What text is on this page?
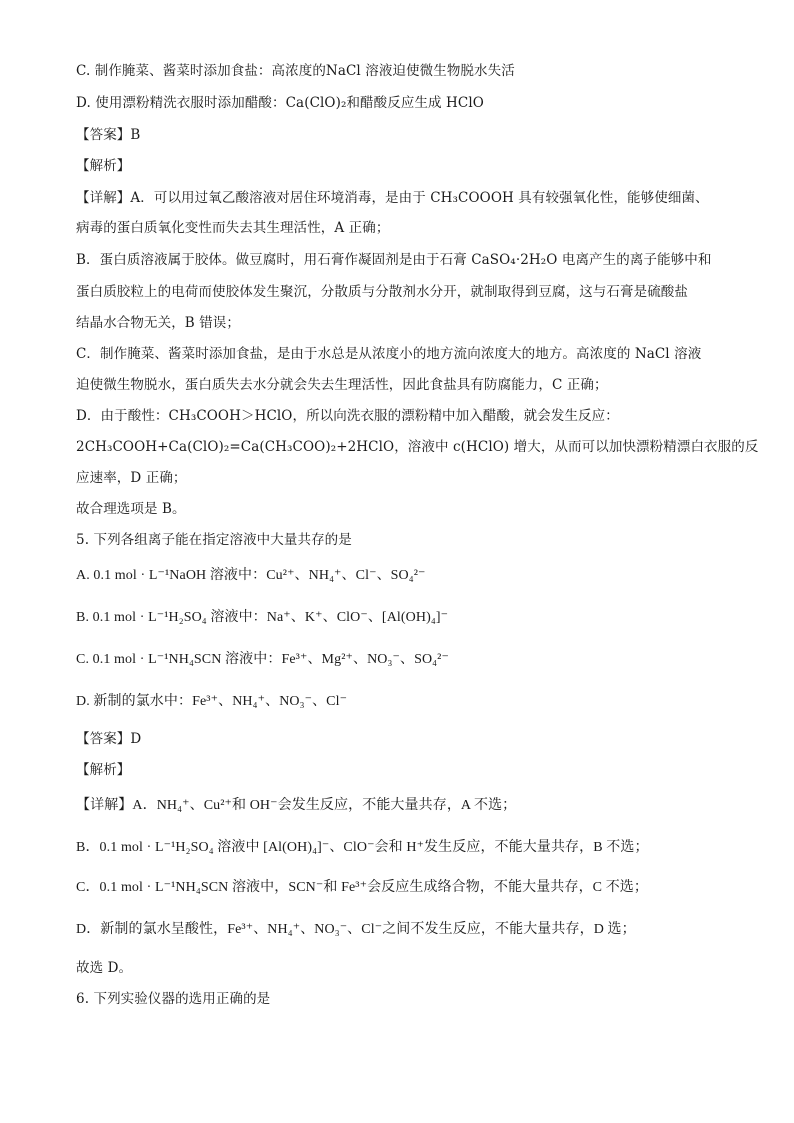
C. 制作腌菜、酱菜时添加食盐：高浓度的NaCl 溶液迫使微生物脱水失活
D. 使用漂粉精洗衣服时添加醋酸：Ca(ClO)₂和醋酸反应生成 HClO
【答案】B
【解析】
【详解】A．可以用过氧乙酸溶液对居住环境消毒，是由于 CH₃COOOH 具有较强氧化性，能够使细菌、
病毒的蛋白质氧化变性而失去其生理活性，A 正确；
B．蛋白质溶液属于胶体。做豆腐时，用石膏作凝固剂是由于石膏 CaSO₄·2H₂O 电离产生的离子能够中和
蛋白质胶粒上的电荷而使胶体发生聚沉，分散质与分散剂水分开，就制取得到豆腐，这与石膏是硫酸盐
结晶水合物无关，B 错误；
C．制作腌菜、酱菜时添加食盐，是由于水总是从浓度小的地方流向浓度大的地方。高浓度的 NaCl 溶液
迫使微生物脱水，蛋白质失去水分就会失去生理活性，因此食盐具有防腐能力，C 正确；
D．由于酸性：CH₃COOH＞HClO，所以向洗衣服的漂粉精中加入醋酸，就会发生反应：
2CH₃COOH+Ca(ClO)₂=Ca(CH₃COO)₂+2HClO，溶液中 c(HClO) 增大，从而可以加快漂粉精漂白衣服的反
应速率，D 正确；
故合理选项是 B。
5. 下列各组离子能在指定溶液中大量共存的是
A. 0.1 mol · L⁻¹NaOH 溶液中：Cu²⁺、NH₄⁺、Cl⁻、SO₄²⁻
B. 0.1 mol · L⁻¹H₂SO₄ 溶液中：Na⁺、K⁺、ClO⁻、[Al(OH)₄]⁻
C. 0.1 mol · L⁻¹NH₄SCN 溶液中：Fe³⁺、Mg²⁺、NO₃⁻、SO₄²⁻
D. 新制的氯水中：Fe³⁺、NH₄⁺、NO₃⁻、Cl⁻
【答案】D
【解析】
【详解】A．NH₄⁺、Cu²⁺和 OH⁻会发生反应，不能大量共存，A 不选；
B．0.1 mol · L⁻¹H₂SO₄ 溶液中 [Al(OH)₄]⁻、ClO⁻会和 H⁺发生反应，不能大量共存，B 不选；
C．0.1 mol · L⁻¹NH₄SCN 溶液中，SCN⁻和 Fe³⁺会反应生成络合物，不能大量共存，C 不选；
D．新制的氯水呈酸性，Fe³⁺、NH₄⁺、NO₃⁻、Cl⁻之间不发生反应，不能大量共存，D 选；
故选 D。
6. 下列实验仪器的选用正确的是
